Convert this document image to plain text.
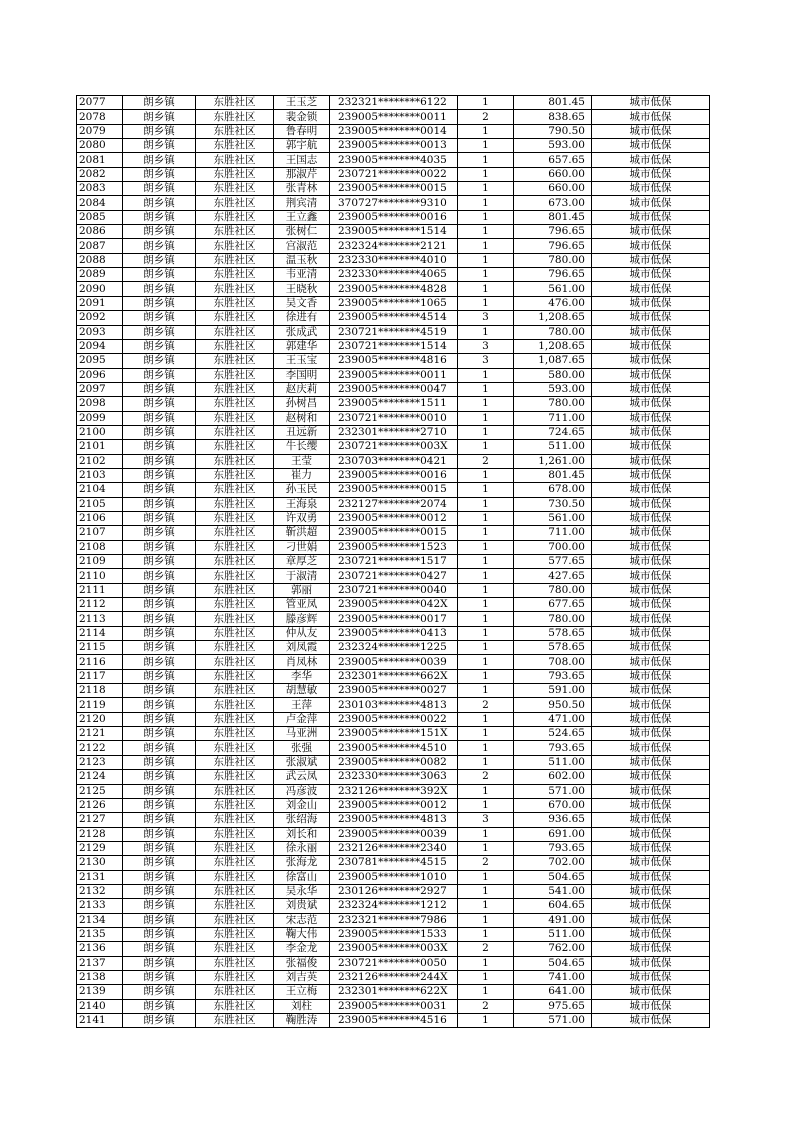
2077	朗乡镇	东胜社区	王玉芝	232321********6122	1	801.45	城市低保
2078	朗乡镇	东胜社区	裴金锁	239005********0011	2	838.65	城市低保
2079	朗乡镇	东胜社区	鲁春明	239005********0014	1	790.50	城市低保
2080	朗乡镇	东胜社区	郭宇航	239005********0013	1	593.00	城市低保
2081	朗乡镇	东胜社区	王国志	239005********4035	1	657.65	城市低保
2082	朗乡镇	东胜社区	那淑芹	230721********0022	1	660.00	城市低保
2083	朗乡镇	东胜社区	张青林	239005********0015	1	660.00	城市低保
2084	朗乡镇	东胜社区	荆宾清	370727********9310	1	673.00	城市低保
2085	朗乡镇	东胜社区	王立鑫	239005********0016	1	801.45	城市低保
2086	朗乡镇	东胜社区	张树仁	239005********1514	1	796.65	城市低保
2087	朗乡镇	东胜社区	宫淑范	232324********2121	1	796.65	城市低保
2088	朗乡镇	东胜社区	温玉秋	232330********4010	1	780.00	城市低保
2089	朗乡镇	东胜社区	韦亚清	232330********4065	1	796.65	城市低保
2090	朗乡镇	东胜社区	王晓秋	239005********4828	1	561.00	城市低保
2091	朗乡镇	东胜社区	吴文香	239005********1065	1	476.00	城市低保
2092	朗乡镇	东胜社区	徐进有	239005********4514	3	1,208.65	城市低保
2093	朗乡镇	东胜社区	张成武	230721********4519	1	780.00	城市低保
2094	朗乡镇	东胜社区	郭建华	230721********1514	3	1,208.65	城市低保
2095	朗乡镇	东胜社区	王玉宝	239005********4816	3	1,087.65	城市低保
2096	朗乡镇	东胜社区	李国明	239005********0011	1	580.00	城市低保
2097	朗乡镇	东胜社区	赵庆莉	239005********0047	1	593.00	城市低保
2098	朗乡镇	东胜社区	孙树昌	239005********1511	1	780.00	城市低保
2099	朗乡镇	东胜社区	赵树和	230721********0010	1	711.00	城市低保
2100	朗乡镇	东胜社区	丑远新	232301********2710	1	724.65	城市低保
2101	朗乡镇	东胜社区	牛长缨	230721********003X	1	511.00	城市低保
2102	朗乡镇	东胜社区	王莹	230703********0421	2	1,261.00	城市低保
2103	朗乡镇	东胜社区	崔力	239005********0016	1	801.45	城市低保
2104	朗乡镇	东胜社区	孙玉民	239005********0015	1	678.00	城市低保
2105	朗乡镇	东胜社区	王海泉	232127********2074	1	730.50	城市低保
2106	朗乡镇	东胜社区	许双勇	239005********0012	1	561.00	城市低保
2107	朗乡镇	东胜社区	靳洪超	239005********0015	1	711.00	城市低保
2108	朗乡镇	东胜社区	刁世娟	239005********1523	1	700.00	城市低保
2109	朗乡镇	东胜社区	章厚芝	230721********1517	1	577.65	城市低保
2110	朗乡镇	东胜社区	于淑清	230721********0427	1	427.65	城市低保
2111	朗乡镇	东胜社区	郭丽	230721********0040	1	780.00	城市低保
2112	朗乡镇	东胜社区	管亚凤	239005********042X	1	677.65	城市低保
2113	朗乡镇	东胜社区	滕彦辉	239005********0017	1	780.00	城市低保
2114	朗乡镇	东胜社区	仲从友	239005********0413	1	578.65	城市低保
2115	朗乡镇	东胜社区	刘凤霞	232324********1225	1	578.65	城市低保
2116	朗乡镇	东胜社区	肖凤林	239005********0039	1	708.00	城市低保
2117	朗乡镇	东胜社区	李华	232301********662X	1	793.65	城市低保
2118	朗乡镇	东胜社区	胡慧敏	239005********0027	1	591.00	城市低保
2119	朗乡镇	东胜社区	王萍	230103********4813	2	950.50	城市低保
2120	朗乡镇	东胜社区	卢金萍	239005********0022	1	471.00	城市低保
2121	朗乡镇	东胜社区	马亚洲	239005********151X	1	524.65	城市低保
2122	朗乡镇	东胜社区	张强	239005********4510	1	793.65	城市低保
2123	朗乡镇	东胜社区	张淑斌	239005********0082	1	511.00	城市低保
2124	朗乡镇	东胜社区	武云凤	232330********3063	2	602.00	城市低保
2125	朗乡镇	东胜社区	冯彦波	232126********392X	1	571.00	城市低保
2126	朗乡镇	东胜社区	刘金山	239005********0012	1	670.00	城市低保
2127	朗乡镇	东胜社区	张绍海	239005********4813	3	936.65	城市低保
2128	朗乡镇	东胜社区	刘长和	239005********0039	1	691.00	城市低保
2129	朗乡镇	东胜社区	徐永丽	232126********2340	1	793.65	城市低保
2130	朗乡镇	东胜社区	张海龙	230781********4515	2	702.00	城市低保
2131	朗乡镇	东胜社区	徐富山	239005********1010	1	504.65	城市低保
2132	朗乡镇	东胜社区	吴永华	230126********2927	1	541.00	城市低保
2133	朗乡镇	东胜社区	刘贵斌	232324********1212	1	604.65	城市低保
2134	朗乡镇	东胜社区	宋志范	232321********7986	1	491.00	城市低保
2135	朗乡镇	东胜社区	鞠大伟	239005********1533	1	511.00	城市低保
2136	朗乡镇	东胜社区	李金龙	239005********003X	2	762.00	城市低保
2137	朗乡镇	东胜社区	张福俊	230721********0050	1	504.65	城市低保
2138	朗乡镇	东胜社区	刘吉英	232126********244X	1	741.00	城市低保
2139	朗乡镇	东胜社区	王立梅	232301********622X	1	641.00	城市低保
2140	朗乡镇	东胜社区	刘柱	239005********0031	2	975.65	城市低保
2141	朗乡镇	东胜社区	鞠胜涛	239005********4516	1	571.00	城市低保
